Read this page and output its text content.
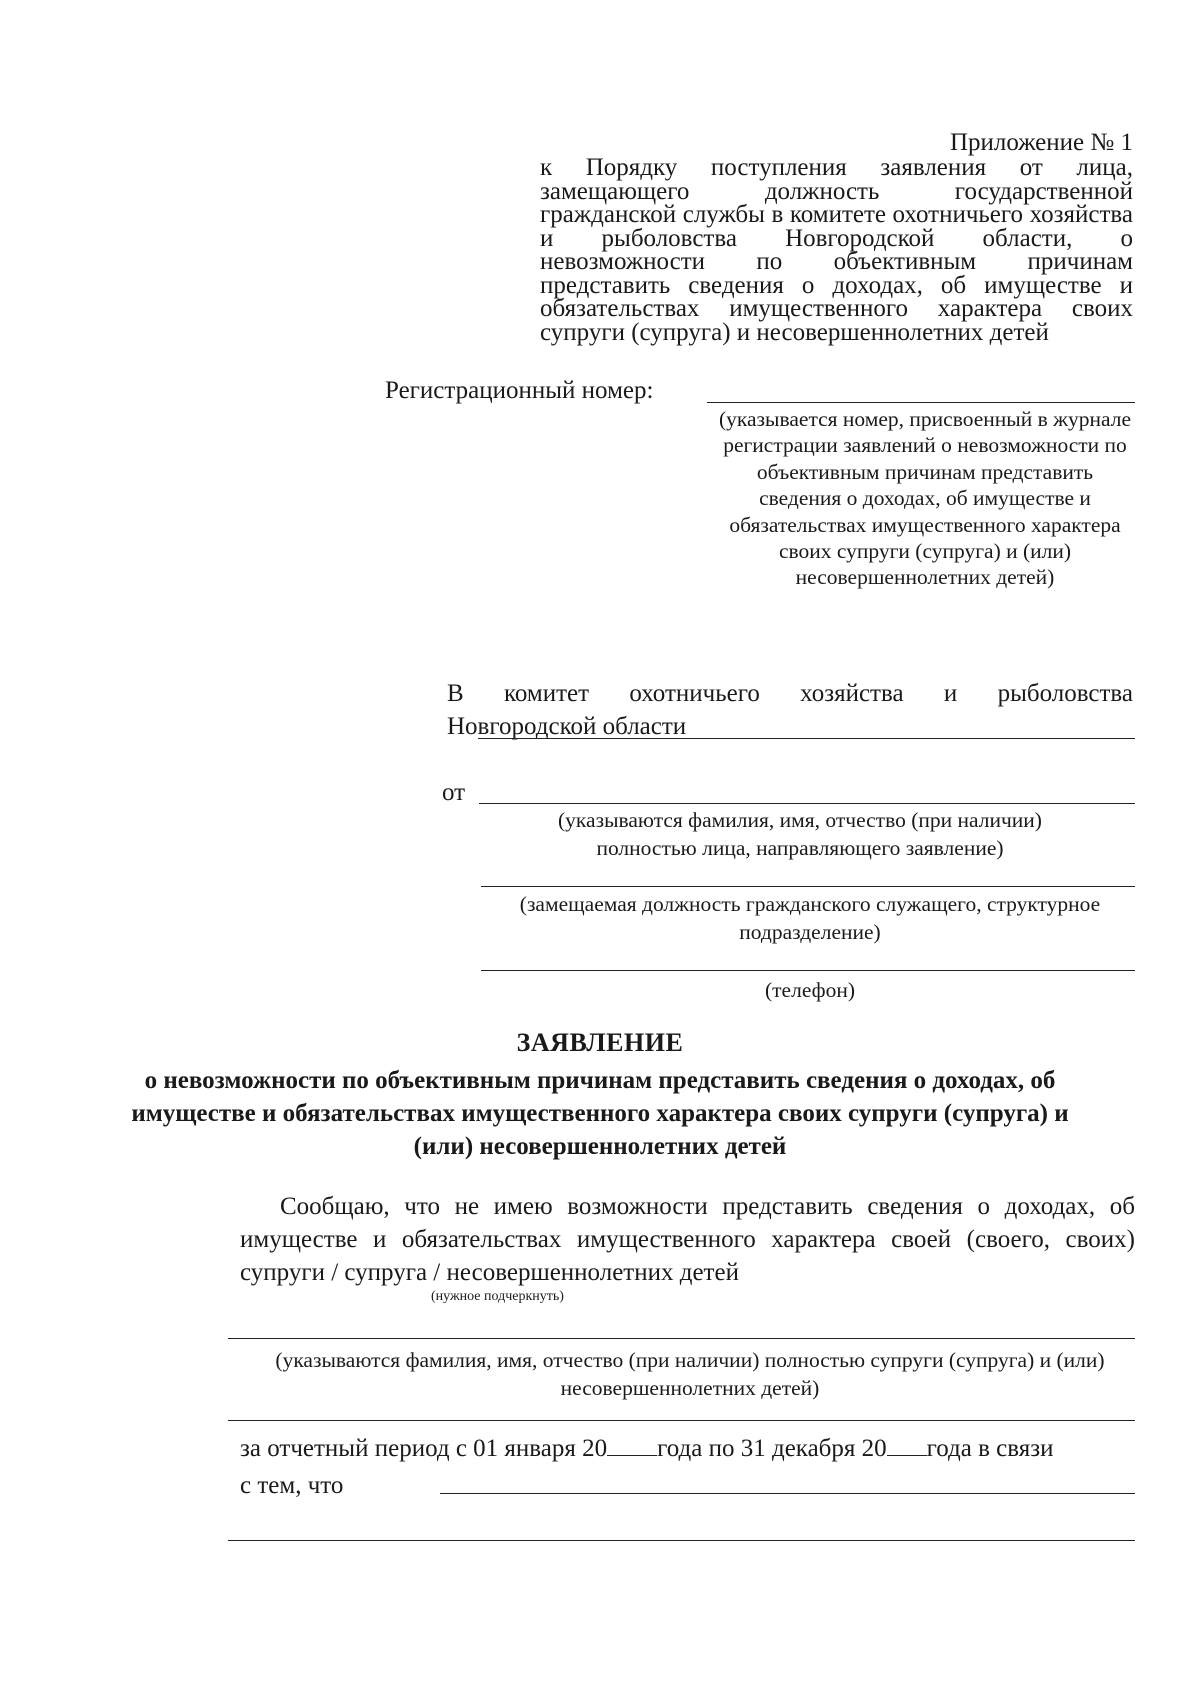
Приложение № 1
к Порядку поступления заявления от лица, замещающего должность государственной гражданской службы в комитете охотничьего хозяйства и рыболовства Новгородской области, о невозможности по объективным причинам представить сведения о доходах, об имуществе и обязательствах имущественного характера своих супруги (супруга) и несовершеннолетних детей
Регистрационный номер:
(указывается номер, присвоенный в журнале регистрации заявлений о невозможности по объективным причинам представить сведения о доходах, об имуществе и обязательствах имущественного характера своих супруги (супруга) и (или) несовершеннолетних детей)
В комитет охотничьего хозяйства и рыболовства
Новгородской области
от
(указываются фамилия, имя, отчество (при наличии) полностью лица, направляющего заявление)
(замещаемая должность гражданского служащего, структурное подразделение)
(телефон)
ЗАЯВЛЕНИЕ
о невозможности по объективным причинам представить сведения о доходах, об имуществе и обязательствах имущественного характера своих супруги (супруга) и (или) несовершеннолетних детей
Сообщаю, что не имею возможности представить сведения о доходах, об имуществе и обязательствах имущественного характера своей (своего, своих) супруги / супруга / несовершеннолетних детей
(нужное подчеркнуть)
(указываются фамилия, имя, отчество (при наличии) полностью супруги (супруга) и (или) несовершеннолетних детей)
за отчетный период с 01 января 20 года по 31 декабря 20 года в связи
с тем, что
